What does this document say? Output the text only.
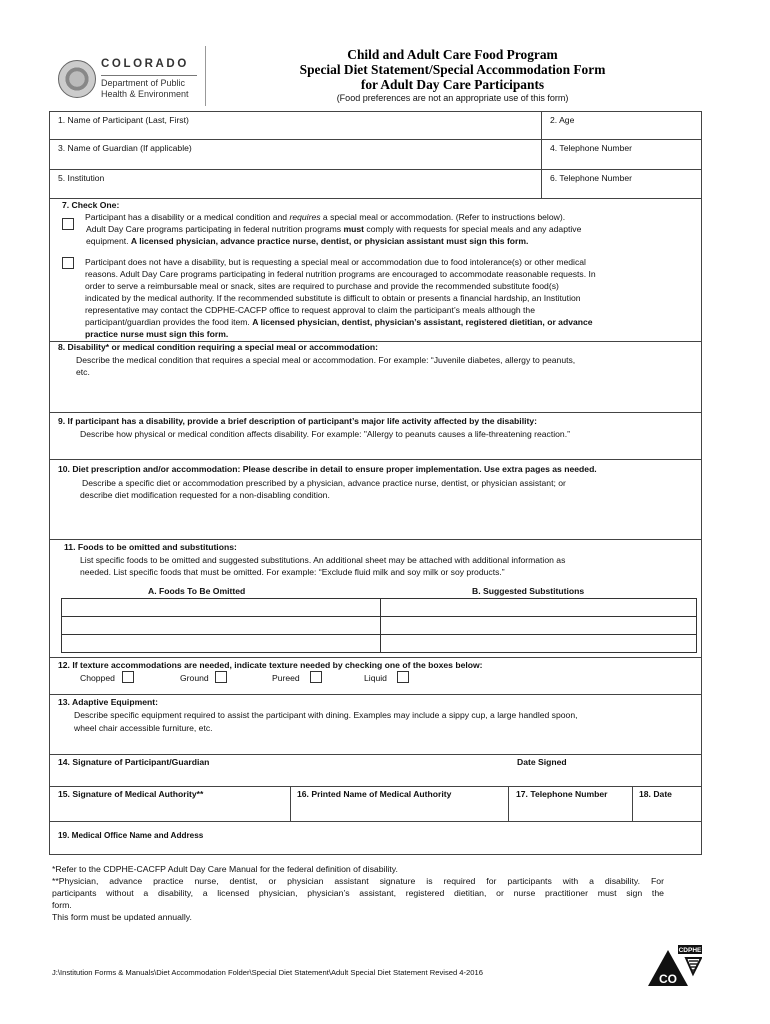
COLORADO
Department of Public
Health & Environment
Child and Adult Care Food Program
Special Diet Statement/Special Accommodation Form
for Adult Day Care Participants
(Food preferences are not an appropriate use of this form)
1. Name of Participant (Last, First)	2. Age
3. Name of Guardian (If applicable)	4. Telephone Number
5. Institution	6. Telephone Number
7. Check One:
Participant has a disability or a medical condition and requires a special meal or accommodation. (Refer to instructions below).
Adult Day Care programs participating in federal nutrition programs must comply with requests for special meals and any adaptive
equipment. A licensed physician, advance practice nurse, dentist, or physician assistant must sign this form.
Participant does not have a disability, but is requesting a special meal or accommodation due to food intolerance(s) or other medical
reasons. Adult Day Care programs participating in federal nutrition programs are encouraged to accommodate reasonable requests. In
order to serve a reimbursable meal or snack, sites are required to purchase and provide the recommended substitute food(s)
indicated by the medical authority. If the recommended substitute is difficult to obtain or presents a financial hardship, an Institution
representative may contact the CDPHE-CACFP office to request approval to claim the participant’s meals although the
participant/guardian provides the food item. A licensed physician, dentist, physician’s assistant, registered dietitian, or advance
practice nurse must sign this form.
8. Disability* or medical condition requiring a special meal or accommodation:
Describe the medical condition that requires a special meal or accommodation. For example: “Juvenile diabetes, allergy to peanuts,
etc.
9. If participant has a disability, provide a brief description of participant’s major life activity affected by the disability:
Describe how physical or medical condition affects disability. For example: "Allergy to peanuts causes a life-threatening reaction.”
10. Diet prescription and/or accommodation: Please describe in detail to ensure proper implementation. Use extra pages as needed.
Describe a specific diet or accommodation prescribed by a physician, advance practice nurse, dentist, or physician assistant; or
describe diet modification requested for a non-disabling condition.
11. Foods to be omitted and substitutions:
List specific foods to be omitted and suggested substitutions. An additional sheet may be attached with additional information as
needed. List specific foods that must be omitted. For example: “Exclude fluid milk and soy milk or soy products.”
A. Foods To Be Omitted	B. Suggested Substitutions
12. If texture accommodations are needed, indicate texture needed by checking one of the boxes below:
Chopped	Ground	Pureed	Liquid
13. Adaptive Equipment:
Describe specific equipment required to assist the participant with dining. Examples may include a sippy cup, a large handled spoon,
wheel chair accessible furniture, etc.
14. Signature of Participant/Guardian	Date Signed
15. Signature of Medical Authority**	16. Printed Name of Medical Authority	17. Telephone Number	18. Date
19. Medical Office Name and Address
*Refer to the CDPHE-CACFP Adult Day Care Manual for the federal definition of disability.
**Physician, advance practice nurse, dentist, or physician assistant signature is required for participants with a disability. For
participants without a disability, a licensed physician, physician’s assistant, registered dietitian, or nurse practitioner must sign the
form.
This form must be updated annually.
J:\Institution Forms & Manuals\Diet Accommodation Folder\Special Diet Statement\Adult Special Diet Statement Revised 4-2016	CO
CDPHE
